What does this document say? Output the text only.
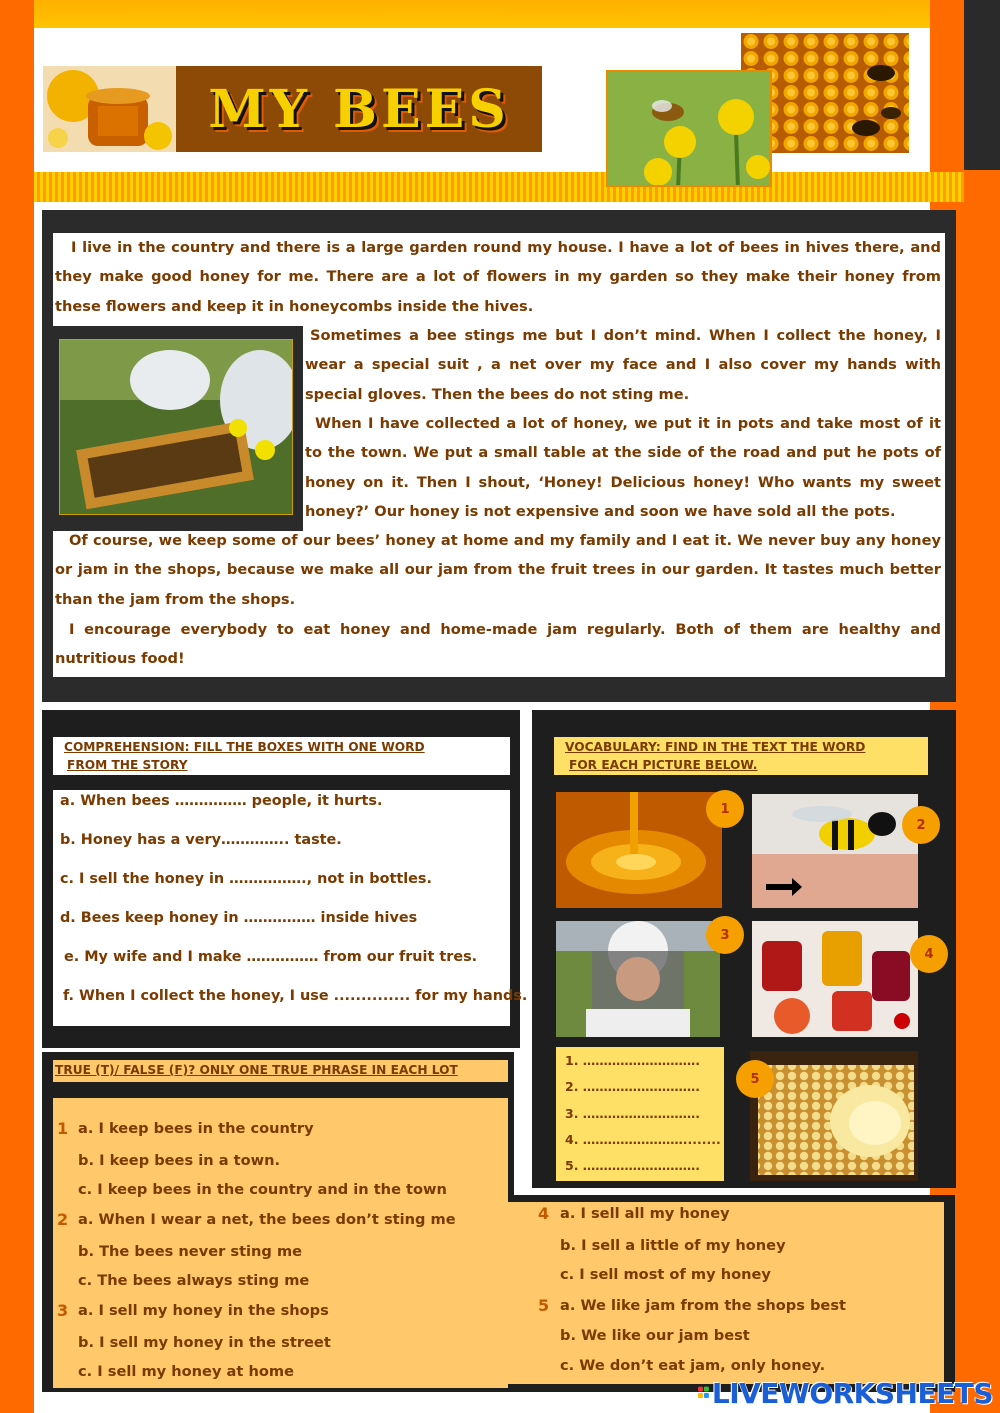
MY BEES

I live in the country and there is a large garden round my house. I have a lot of bees in hives there, and they make good honey for me. There are a lot of flowers in my garden so they make their honey from these flowers and keep it in honeycombs inside the hives.

Sometimes a bee stings me but I don’t mind. When I collect the honey, I wear a special suit , a net over my face and I also cover my hands with special gloves. Then the bees do not sting me.

When I have collected a lot of honey, we put it in pots and take most of it to the town. We put a small table at the side of the road and put he pots of honey on it. Then I shout, ‘Honey! Delicious honey! Who wants my sweet honey?’ Our honey is not expensive and soon we have sold all the pots.

Of course, we keep some of our bees’ honey at home and my family and I eat it. We never buy any honey or jam in the shops, because we make all our jam from the fruit trees in our garden. It tastes much better than the jam from the shops.

I encourage everybody to eat honey and home-made jam regularly. Both of them are healthy and nutritious food!

COMPREHENSION: FILL THE BOXES WITH ONE WORD
FROM THE STORY
a. When bees …………… people, it hurts.
b. Honey has a very………….. taste.
c. I sell the honey in ……………., not in bottles.
d. Bees keep honey in …………… inside hives
e. My wife and I make …………… from our fruit tres.
f. When I collect the honey, I use .............. for my hands.
VOCABULARY: FIND IN THE TEXT THE WORD
FOR EACH PICTURE BELOW.
1
2
3
4
1. ……………………….
2. ……………………….
3. ……………………….
4. ……………………........
5. ……………………….
5
TRUE (T)/ FALSE (F)? ONLY ONE TRUE PHRASE IN EACH LOT
1 a. I keep bees in the country
b. I keep bees in a town.
c. I keep bees in the country and in the town
2 a. When I wear a net, the bees don’t sting me
b. The bees never sting me
c. The bees always sting me
3 a. I sell my honey in the shops
b. I sell my honey in the street
c. I sell my honey at home
4 a. I sell all my honey
b. I sell a little of my honey
c. I sell most of my honey
5 a. We like jam from the shops best
b. We like our jam best
c. We don’t eat jam, only honey.
LIVEWORKSHEETS
